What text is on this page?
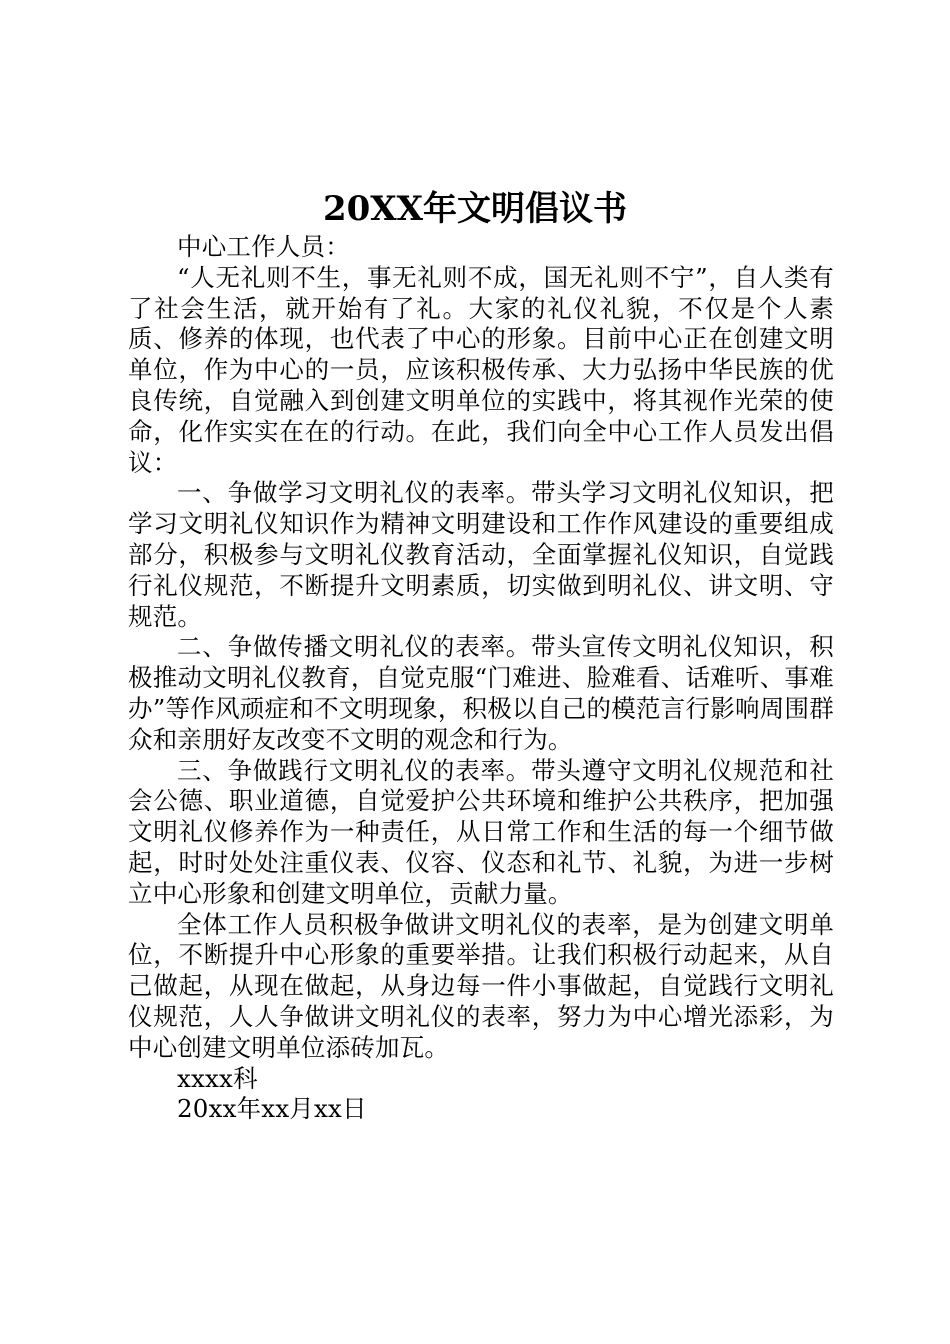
20XX年文明倡议书

中心工作人员：

“人无礼则不生，事无礼则不成，国无礼则不宁”，自人类有了社会生活，就开始有了礼。大家的礼仪礼貌，不仅是个人素质、修养的体现，也代表了中心的形象。目前中心正在创建文明单位，作为中心的一员，应该积极传承、大力弘扬中华民族的优良传统，自觉融入到创建文明单位的实践中，将其视作光荣的使命，化作实实在在的行动。在此，我们向全中心工作人员发出倡议：

一、争做学习文明礼仪的表率。带头学习文明礼仪知识，把学习文明礼仪知识作为精神文明建设和工作作风建设的重要组成部分，积极参与文明礼仪教育活动，全面掌握礼仪知识，自觉践行礼仪规范，不断提升文明素质，切实做到明礼仪、讲文明、守规范。

二、争做传播文明礼仪的表率。带头宣传文明礼仪知识，积极推动文明礼仪教育，自觉克服“门难进、脸难看、话难听、事难办”等作风顽症和不文明现象，积极以自己的模范言行影响周围群众和亲朋好友改变不文明的观念和行为。

三、争做践行文明礼仪的表率。带头遵守文明礼仪规范和社会公德、职业道德，自觉爱护公共环境和维护公共秩序，把加强文明礼仪修养作为一种责任，从日常工作和生活的每一个细节做起，时时处处注重仪表、仪容、仪态和礼节、礼貌，为进一步树立中心形象和创建文明单位，贡献力量。

全体工作人员积极争做讲文明礼仪的表率，是为创建文明单位，不断提升中心形象的重要举措。让我们积极行动起来，从自己做起，从现在做起，从身边每一件小事做起，自觉践行文明礼仪规范，人人争做讲文明礼仪的表率，努力为中心增光添彩，为中心创建文明单位添砖加瓦。

xxxx科

20xx年xx月xx日
